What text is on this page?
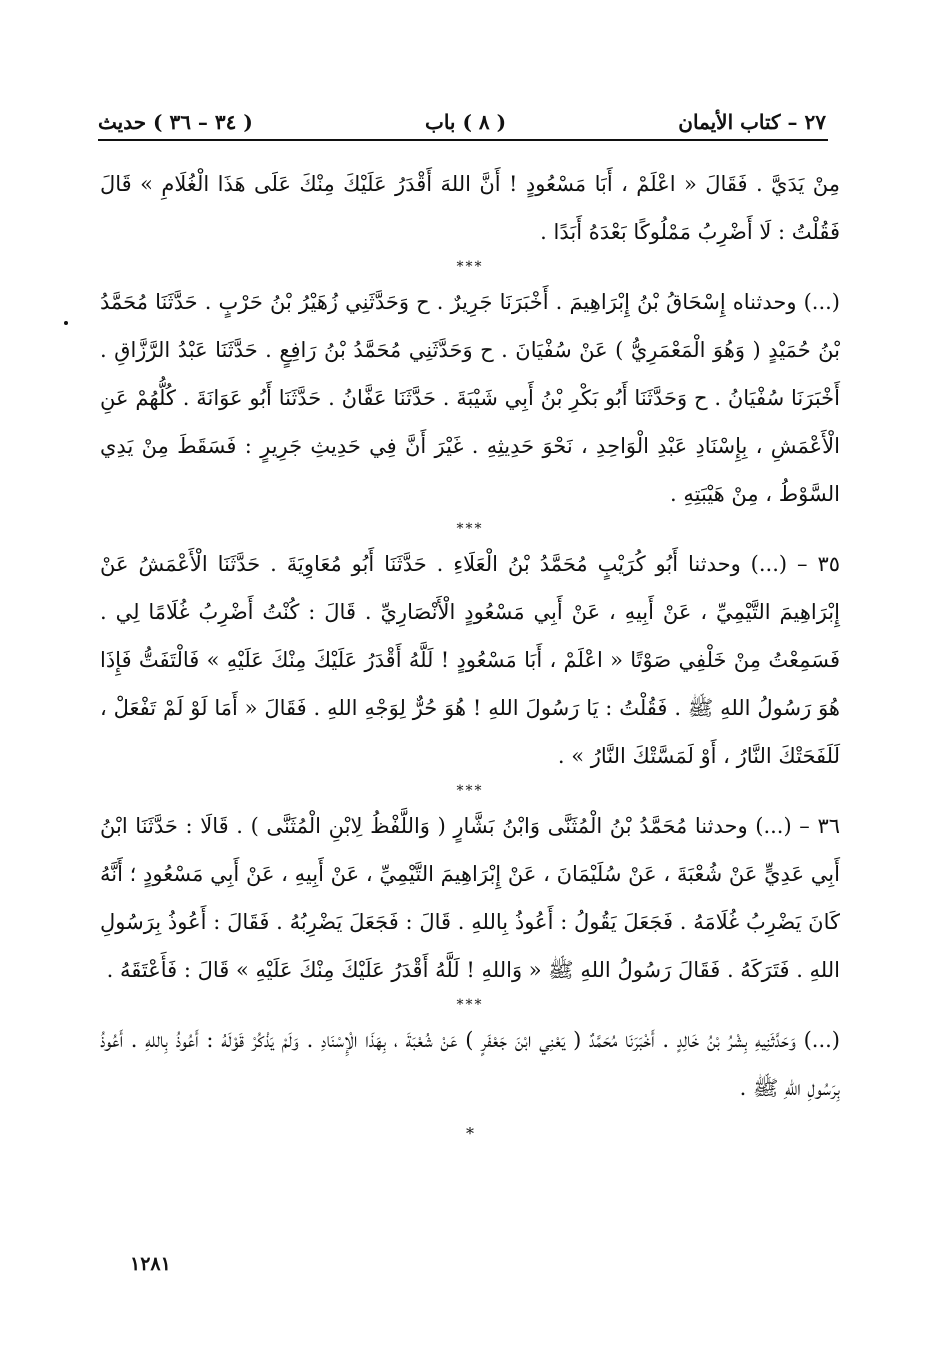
٢٧ – كتاب الأيمان
( ٨ ) باب
( ٣٤ – ٣٦ ) حديث

مِنْ يَدَيَّ . فَقَالَ « اعْلَمْ ، أَبَا مَسْعُودٍ ! أَنَّ اللهَ أَقْدَرُ عَلَيْكَ مِنْكَ عَلَى هَذَا الْغُلَامِ » قَالَ فَقُلْتُ : لَا أَضْرِبُ مَمْلُوكًا بَعْدَهُ أَبَدًا .

***

(...) وحدثناه إِسْحَاقُ بْنُ إِبْرَاهِيمَ . أَخْبَرَنَا جَرِيرٌ . ح وَحَدَّثَنِي زُهَيْرُ بْنُ حَرْبٍ . حَدَّثَنَا مُحَمَّدُ بْنُ حُمَيْدٍ ( وَهُوَ الْمَعْمَرِيُّ ) عَنْ سُفْيَانَ . ح وَحَدَّثَنِي مُحَمَّدُ بْنُ رَافِعٍ . حَدَّثَنَا عَبْدُ الرَّزَّاقِ . أَخْبَرَنَا سُفْيَانُ . ح وَحَدَّثَنَا أَبُو بَكْرِ بْنُ أَبِي شَيْبَةَ . حَدَّثَنَا عَفَّانُ . حَدَّثَنَا أَبُو عَوَانَةَ . كُلُّهُمْ عَنِ الْأَعْمَشِ ، بِإِسْنَادِ عَبْدِ الْوَاحِدِ ، نَحْوَ حَدِيثِهِ . غَيْرَ أَنَّ فِي حَدِيثِ جَرِيرٍ : فَسَقَطَ مِنْ يَدِي السَّوْطُ ، مِنْ هَيْبَتِهِ .

***

٣٥ – (...) وحدثنا أَبُو كُرَيْبٍ مُحَمَّدُ بْنُ الْعَلَاءِ . حَدَّثَنَا أَبُو مُعَاوِيَةَ . حَدَّثَنَا الْأَعْمَشُ عَنْ إِبْرَاهِيمَ التَّيْمِيِّ ، عَنْ أَبِيهِ ، عَنْ أَبِي مَسْعُودٍ الْأَنْصَارِيِّ . قَالَ : كُنْتُ أَضْرِبُ غُلَامًا لِي . فَسَمِعْتُ مِنْ خَلْفِي صَوْتًا « اعْلَمْ ، أَبَا مَسْعُودٍ ! لَلَّهُ أَقْدَرُ عَلَيْكَ مِنْكَ عَلَيْهِ » فَالْتَفَتُّ فَإِذَا هُوَ رَسُولُ اللهِ ﷺ . فَقُلْتُ : يَا رَسُولَ اللهِ ! هُوَ حُرٌّ لِوَجْهِ اللهِ . فَقَالَ « أَمَا لَوْ لَمْ تَفْعَلْ ، لَلَفَحَتْكَ النَّارُ ، أَوْ لَمَسَّتْكَ النَّارُ » .

***

٣٦ – (...) وحدثنا مُحَمَّدُ بْنُ الْمُثَنَّى وَابْنُ بَشَّارٍ ( وَاللَّفْظُ لِابْنِ الْمُثَنَّى ) . قَالَا : حَدَّثَنَا ابْنُ أَبِي عَدِيٍّ عَنْ شُعْبَةَ ، عَنْ سُلَيْمَانَ ، عَنْ إِبْرَاهِيمَ التَّيْمِيِّ ، عَنْ أَبِيهِ ، عَنْ أَبِي مَسْعُودٍ ؛ أَنَّهُ كَانَ يَضْرِبُ غُلَامَهُ . فَجَعَلَ يَقُولُ : أَعُوذُ بِاللهِ . قَالَ : فَجَعَلَ يَضْرِبُهُ . فَقَالَ : أَعُوذُ بِرَسُولِ اللهِ . فَتَرَكَهُ . فَقَالَ رَسُولُ اللهِ ﷺ « وَاللهِ ! لَلَّهُ أَقْدَرُ عَلَيْكَ مِنْكَ عَلَيْهِ » قَالَ : فَأَعْتَقَهُ .

***

(...) وَحَدَّثَنِيهِ بِشْرُ بْنُ خَالِدٍ . أَخْبَرَنَا مُحَمَّدٌ ( يَعْنِي ابْنَ جَعْفَرٍ ) عَنْ شُعْبَةَ ، بِهَذَا الْإِسْنَادِ . وَلَمْ يَذْكُرْ قَوْلَهُ : أَعُوذُ بِاللهِ . أَعُوذُ بِرَسُولِ اللهِ ﷺ .

*
١٢٨١
